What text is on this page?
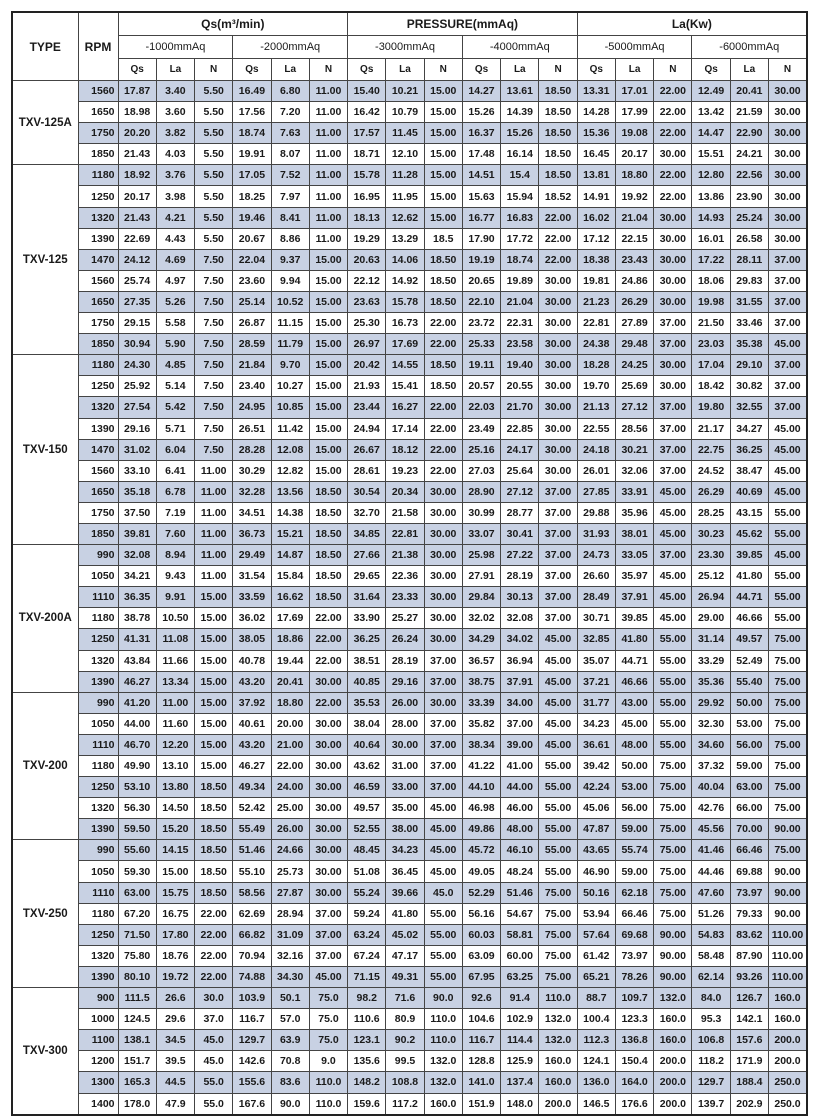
TYPE	RPM	Qs(m³/min)						PRESSURE(mmAq)						La(Kw)					
		-1000mmAq			-2000mmAq			-3000mmAq			-4000mmAq			-5000mmAq			-6000mmAq		
		Qs	La	N	Qs	La	N	Qs	La	N	Qs	La	N	Qs	La	N	Qs	La	N
TXV-125A	1560	17.87	3.40	5.50	16.49	6.80	11.00	15.40	10.21	15.00	14.27	13.61	18.50	13.31	17.01	22.00	12.49	20.41	30.00
	1650	18.98	3.60	5.50	17.56	7.20	11.00	16.42	10.79	15.00	15.26	14.39	18.50	14.28	17.99	22.00	13.42	21.59	30.00
	1750	20.20	3.82	5.50	18.74	7.63	11.00	17.57	11.45	15.00	16.37	15.26	18.50	15.36	19.08	22.00	14.47	22.90	30.00
	1850	21.43	4.03	5.50	19.91	8.07	11.00	18.71	12.10	15.00	17.48	16.14	18.50	16.45	20.17	30.00	15.51	24.21	30.00
TXV-125	1180	18.92	3.76	5.50	17.05	7.52	11.00	15.78	11.28	15.00	14.51	15.4	18.50	13.81	18.80	22.00	12.80	22.56	30.00
	1250	20.17	3.98	5.50	18.25	7.97	11.00	16.95	11.95	15.00	15.63	15.94	18.52	14.91	19.92	22.00	13.86	23.90	30.00
	1320	21.43	4.21	5.50	19.46	8.41	11.00	18.13	12.62	15.00	16.77	16.83	22.00	16.02	21.04	30.00	14.93	25.24	30.00
	1390	22.69	4.43	5.50	20.67	8.86	11.00	19.29	13.29	18.5	17.90	17.72	22.00	17.12	22.15	30.00	16.01	26.58	30.00
	1470	24.12	4.69	7.50	22.04	9.37	15.00	20.63	14.06	18.50	19.19	18.74	22.00	18.38	23.43	30.00	17.22	28.11	37.00
	1560	25.74	4.97	7.50	23.60	9.94	15.00	22.12	14.92	18.50	20.65	19.89	30.00	19.81	24.86	30.00	18.06	29.83	37.00
	1650	27.35	5.26	7.50	25.14	10.52	15.00	23.63	15.78	18.50	22.10	21.04	30.00	21.23	26.29	30.00	19.98	31.55	37.00
	1750	29.15	5.58	7.50	26.87	11.15	15.00	25.30	16.73	22.00	23.72	22.31	30.00	22.81	27.89	37.00	21.50	33.46	37.00
	1850	30.94	5.90	7.50	28.59	11.79	15.00	26.97	17.69	22.00	25.33	23.58	30.00	24.38	29.48	37.00	23.03	35.38	45.00
TXV-150	1180	24.30	4.85	7.50	21.84	9.70	15.00	20.42	14.55	18.50	19.11	19.40	30.00	18.28	24.25	30.00	17.04	29.10	37.00
	1250	25.92	5.14	7.50	23.40	10.27	15.00	21.93	15.41	18.50	20.57	20.55	30.00	19.70	25.69	30.00	18.42	30.82	37.00
	1320	27.54	5.42	7.50	24.95	10.85	15.00	23.44	16.27	22.00	22.03	21.70	30.00	21.13	27.12	37.00	19.80	32.55	37.00
	1390	29.16	5.71	7.50	26.51	11.42	15.00	24.94	17.14	22.00	23.49	22.85	30.00	22.55	28.56	37.00	21.17	34.27	45.00
	1470	31.02	6.04	7.50	28.28	12.08	15.00	26.67	18.12	22.00	25.16	24.17	30.00	24.18	30.21	37.00	22.75	36.25	45.00
	1560	33.10	6.41	11.00	30.29	12.82	15.00	28.61	19.23	22.00	27.03	25.64	30.00	26.01	32.06	37.00	24.52	38.47	45.00
	1650	35.18	6.78	11.00	32.28	13.56	18.50	30.54	20.34	30.00	28.90	27.12	37.00	27.85	33.91	45.00	26.29	40.69	45.00
	1750	37.50	7.19	11.00	34.51	14.38	18.50	32.70	21.58	30.00	30.99	28.77	37.00	29.88	35.96	45.00	28.25	43.15	55.00
	1850	39.81	7.60	11.00	36.73	15.21	18.50	34.85	22.81	30.00	33.07	30.41	37.00	31.93	38.01	45.00	30.23	45.62	55.00
TXV-200A	990	32.08	8.94	11.00	29.49	14.87	18.50	27.66	21.38	30.00	25.98	27.22	37.00	24.73	33.05	37.00	23.30	39.85	45.00
	1050	34.21	9.43	11.00	31.54	15.84	18.50	29.65	22.36	30.00	27.91	28.19	37.00	26.60	35.97	45.00	25.12	41.80	55.00
	1110	36.35	9.91	15.00	33.59	16.62	18.50	31.64	23.33	30.00	29.84	30.13	37.00	28.49	37.91	45.00	26.94	44.71	55.00
	1180	38.78	10.50	15.00	36.02	17.69	22.00	33.90	25.27	30.00	32.02	32.08	37.00	30.71	39.85	45.00	29.00	46.66	55.00
	1250	41.31	11.08	15.00	38.05	18.86	22.00	36.25	26.24	30.00	34.29	34.02	45.00	32.85	41.80	55.00	31.14	49.57	75.00
	1320	43.84	11.66	15.00	40.78	19.44	22.00	38.51	28.19	37.00	36.57	36.94	45.00	35.07	44.71	55.00	33.29	52.49	75.00
	1390	46.27	13.34	15.00	43.20	20.41	30.00	40.85	29.16	37.00	38.75	37.91	45.00	37.21	46.66	55.00	35.36	55.40	75.00
TXV-200	990	41.20	11.00	15.00	37.92	18.80	22.00	35.53	26.00	30.00	33.39	34.00	45.00	31.77	43.00	55.00	29.92	50.00	75.00
	1050	44.00	11.60	15.00	40.61	20.00	30.00	38.04	28.00	37.00	35.82	37.00	45.00	34.23	45.00	55.00	32.30	53.00	75.00
	1110	46.70	12.20	15.00	43.20	21.00	30.00	40.64	30.00	37.00	38.34	39.00	45.00	36.61	48.00	55.00	34.60	56.00	75.00
	1180	49.90	13.10	15.00	46.27	22.00	30.00	43.62	31.00	37.00	41.22	41.00	55.00	39.42	50.00	75.00	37.32	59.00	75.00
	1250	53.10	13.80	18.50	49.34	24.00	30.00	46.59	33.00	37.00	44.10	44.00	55.00	42.24	53.00	75.00	40.04	63.00	75.00
	1320	56.30	14.50	18.50	52.42	25.00	30.00	49.57	35.00	45.00	46.98	46.00	55.00	45.06	56.00	75.00	42.76	66.00	75.00
	1390	59.50	15.20	18.50	55.49	26.00	30.00	52.55	38.00	45.00	49.86	48.00	55.00	47.87	59.00	75.00	45.56	70.00	90.00
TXV-250	990	55.60	14.15	18.50	51.46	24.66	30.00	48.45	34.23	45.00	45.72	46.10	55.00	43.65	55.74	75.00	41.46	66.46	75.00
	1050	59.30	15.00	18.50	55.10	25.73	30.00	51.08	36.45	45.00	49.05	48.24	55.00	46.90	59.00	75.00	44.46	69.88	90.00
	1110	63.00	15.75	18.50	58.56	27.87	30.00	55.24	39.66	45.0	52.29	51.46	75.00	50.16	62.18	75.00	47.60	73.97	90.00
	1180	67.20	16.75	22.00	62.69	28.94	37.00	59.24	41.80	55.00	56.16	54.67	75.00	53.94	66.46	75.00	51.26	79.33	90.00
	1250	71.50	17.80	22.00	66.82	31.09	37.00	63.24	45.02	55.00	60.03	58.81	75.00	57.64	69.68	90.00	54.83	83.62	110.00
	1320	75.80	18.76	22.00	70.94	32.16	37.00	67.24	47.17	55.00	63.09	60.00	75.00	61.42	73.97	90.00	58.48	87.90	110.00
	1390	80.10	19.72	22.00	74.88	34.30	45.00	71.15	49.31	55.00	67.95	63.25	75.00	65.21	78.26	90.00	62.14	93.26	110.00
TXV-300	900	111.5	26.6	30.0	103.9	50.1	75.0	98.2	71.6	90.0	92.6	91.4	110.0	88.7	109.7	132.0	84.0	126.7	160.0
	1000	124.5	29.6	37.0	116.7	57.0	75.0	110.6	80.9	110.0	104.6	102.9	132.0	100.4	123.3	160.0	95.3	142.1	160.0
	1100	138.1	34.5	45.0	129.7	63.9	75.0	123.1	90.2	110.0	116.7	114.4	132.0	112.3	136.8	160.0	106.8	157.6	200.0
	1200	151.7	39.5	45.0	142.6	70.8	9.0	135.6	99.5	132.0	128.8	125.9	160.0	124.1	150.4	200.0	118.2	171.9	200.0
	1300	165.3	44.5	55.0	155.6	83.6	110.0	148.2	108.8	132.0	141.0	137.4	160.0	136.0	164.0	200.0	129.7	188.4	250.0
	1400	178.0	47.9	55.0	167.6	90.0	110.0	159.6	117.2	160.0	151.9	148.0	200.0	146.5	176.6	200.0	139.7	202.9	250.0
